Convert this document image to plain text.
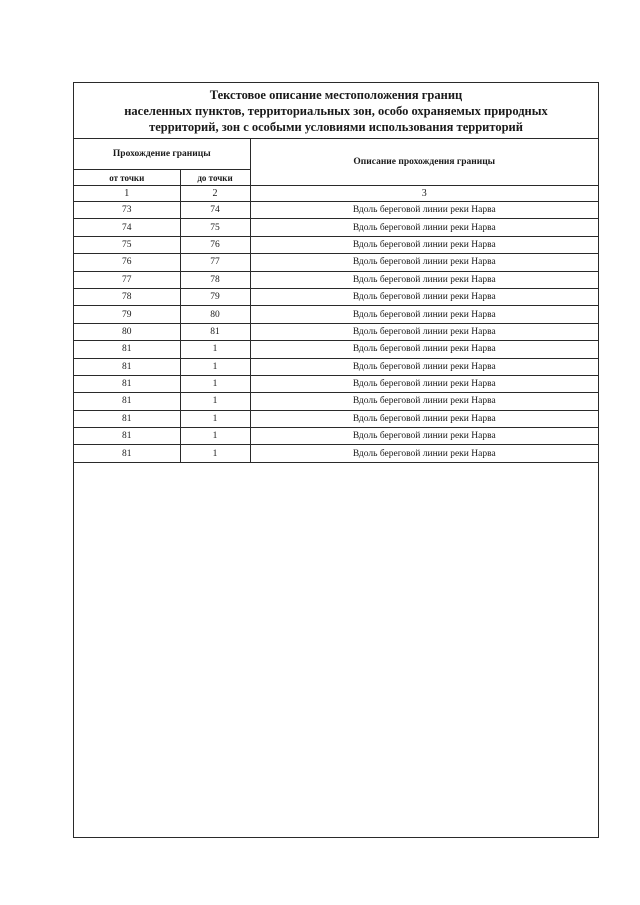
Текстовое описание местоположения границ
населенных пунктов, территориальных зон, особо охраняемых природных
территорий, зон с особыми условиями использования территорий
Прохождение границы		Описание прохождения границы
от точки	до точки	
1	2	3
73	74	Вдоль береговой линии реки Нарва
74	75	Вдоль береговой линии реки Нарва
75	76	Вдоль береговой линии реки Нарва
76	77	Вдоль береговой линии реки Нарва
77	78	Вдоль береговой линии реки Нарва
78	79	Вдоль береговой линии реки Нарва
79	80	Вдоль береговой линии реки Нарва
80	81	Вдоль береговой линии реки Нарва
81	1	Вдоль береговой линии реки Нарва
81	1	Вдоль береговой линии реки Нарва
81	1	Вдоль береговой линии реки Нарва
81	1	Вдоль береговой линии реки Нарва
81	1	Вдоль береговой линии реки Нарва
81	1	Вдоль береговой линии реки Нарва
81	1	Вдоль береговой линии реки Нарва
